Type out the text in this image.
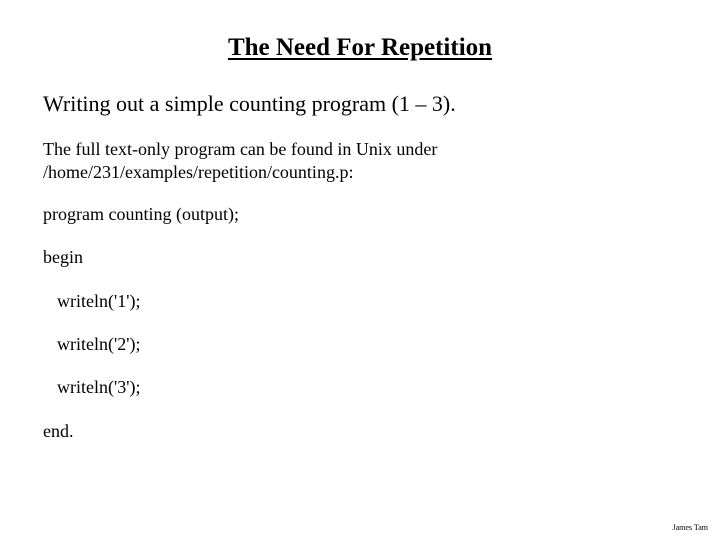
The Need For Repetition
Writing out a simple counting program (1 – 3).
The full text-only program can be found in Unix under
/home/231/examples/repetition/counting.p:
program counting (output);
begin
writeln('1');
writeln('2');
writeln('3');
end.
James Tam
